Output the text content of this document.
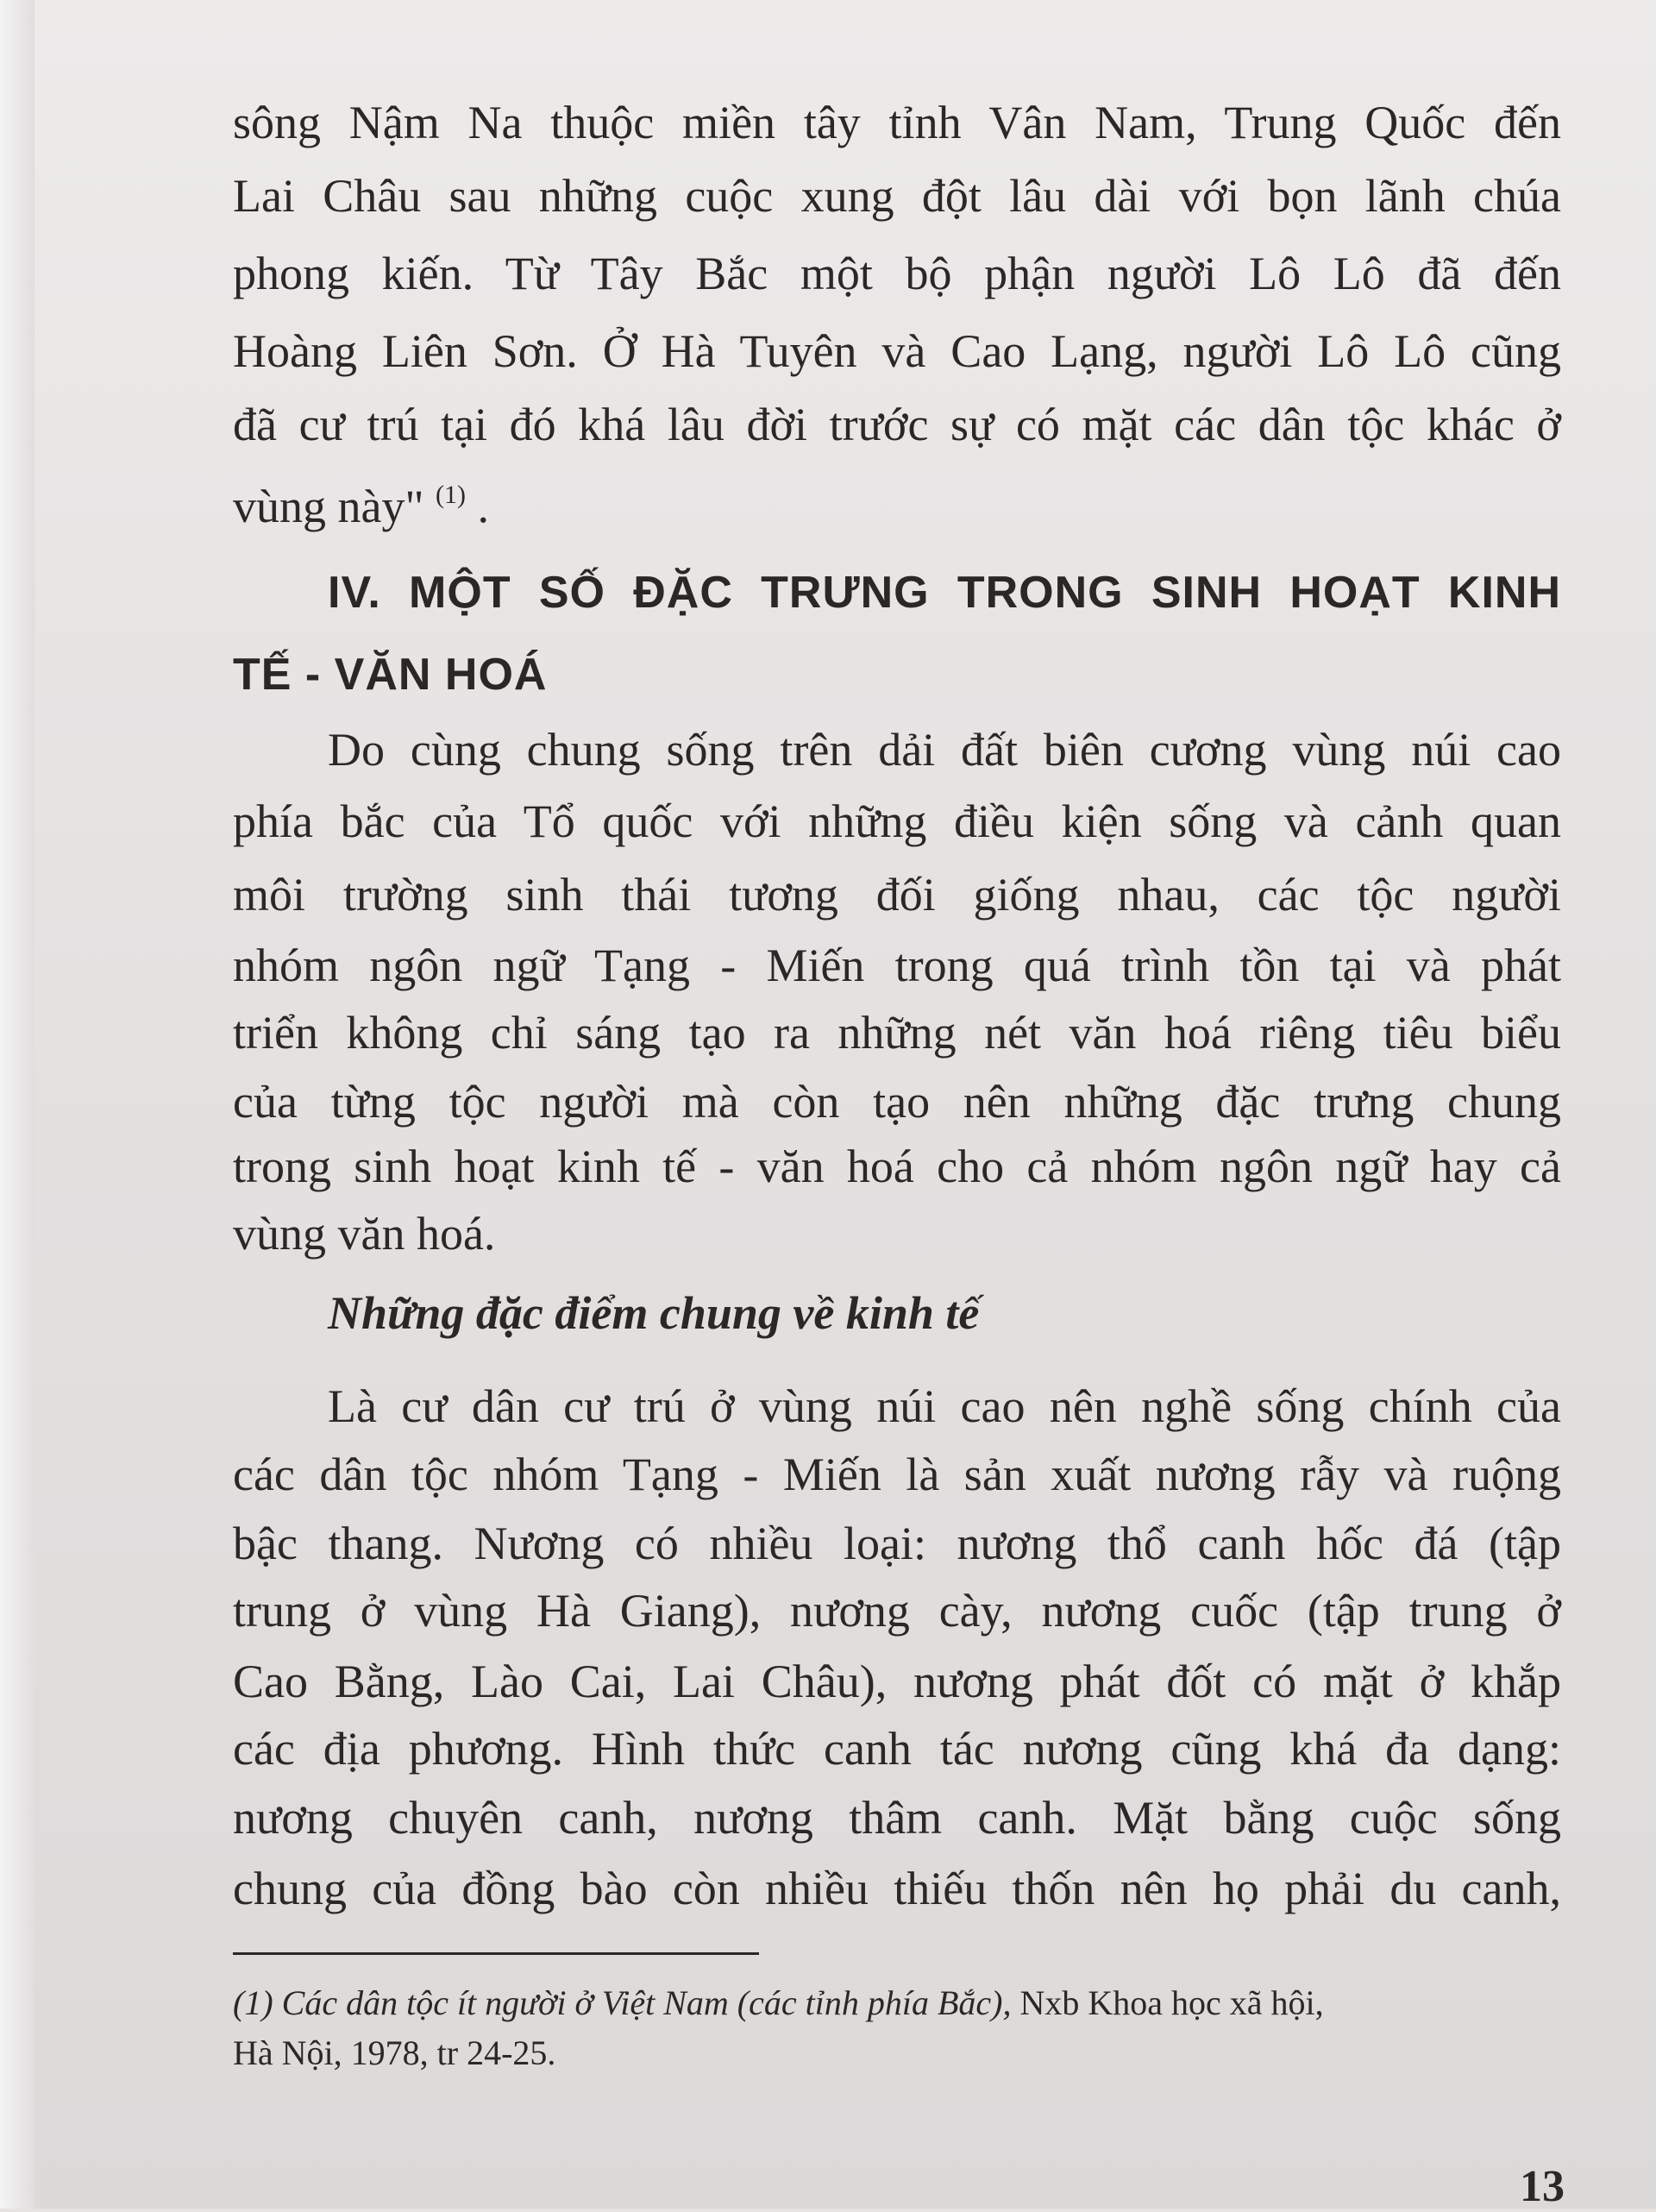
sông Nậm Na thuộc miền tây tỉnh Vân Nam, Trung Quốc đến
Lai Châu sau những cuộc xung đột lâu dài với bọn lãnh chúa
phong kiến. Từ Tây Bắc một bộ phận người Lô Lô đã đến
Hoàng Liên Sơn. Ở Hà Tuyên và Cao Lạng, người Lô Lô cũng
đã cư trú tại đó khá lâu đời trước sự có mặt các dân tộc khác ở
vùng này" $^{(1)}$ .
IV. MỘT SỐ ĐẶC TRƯNG TRONG SINH HOẠT KINH
TẾ - VĂN HOÁ
Do cùng chung sống trên dải đất biên cương vùng núi cao
phía bắc của Tổ quốc với những điều kiện sống và cảnh quan
môi trường sinh thái tương đối giống nhau, các tộc người
nhóm ngôn ngữ Tạng - Miến trong quá trình tồn tại và phát
triển không chỉ sáng tạo ra những nét văn hoá riêng tiêu biểu
của từng tộc người mà còn tạo nên những đặc trưng chung
trong sinh hoạt kinh tế - văn hoá cho cả nhóm ngôn ngữ hay cả
vùng văn hoá.
Những đặc điểm chung về kinh tế
Là cư dân cư trú ở vùng núi cao nên nghề sống chính của
các dân tộc nhóm Tạng - Miến là sản xuất nương rẫy và ruộng
bậc thang. Nương có nhiều loại: nương thổ canh hốc đá (tập
trung ở vùng Hà Giang), nương cày, nương cuốc (tập trung ở
Cao Bằng, Lào Cai, Lai Châu), nương phát đốt có mặt ở khắp
các địa phương. Hình thức canh tác nương cũng khá đa dạng:
nương chuyên canh, nương thâm canh. Mặt bằng cuộc sống
chung của đồng bào còn nhiều thiếu thốn nên họ phải du canh,
(1) Các dân tộc ít người ở Việt Nam (các tỉnh phía Bắc), Nxb Khoa học xã hội,
Hà Nội, 1978, tr 24-25.
13
